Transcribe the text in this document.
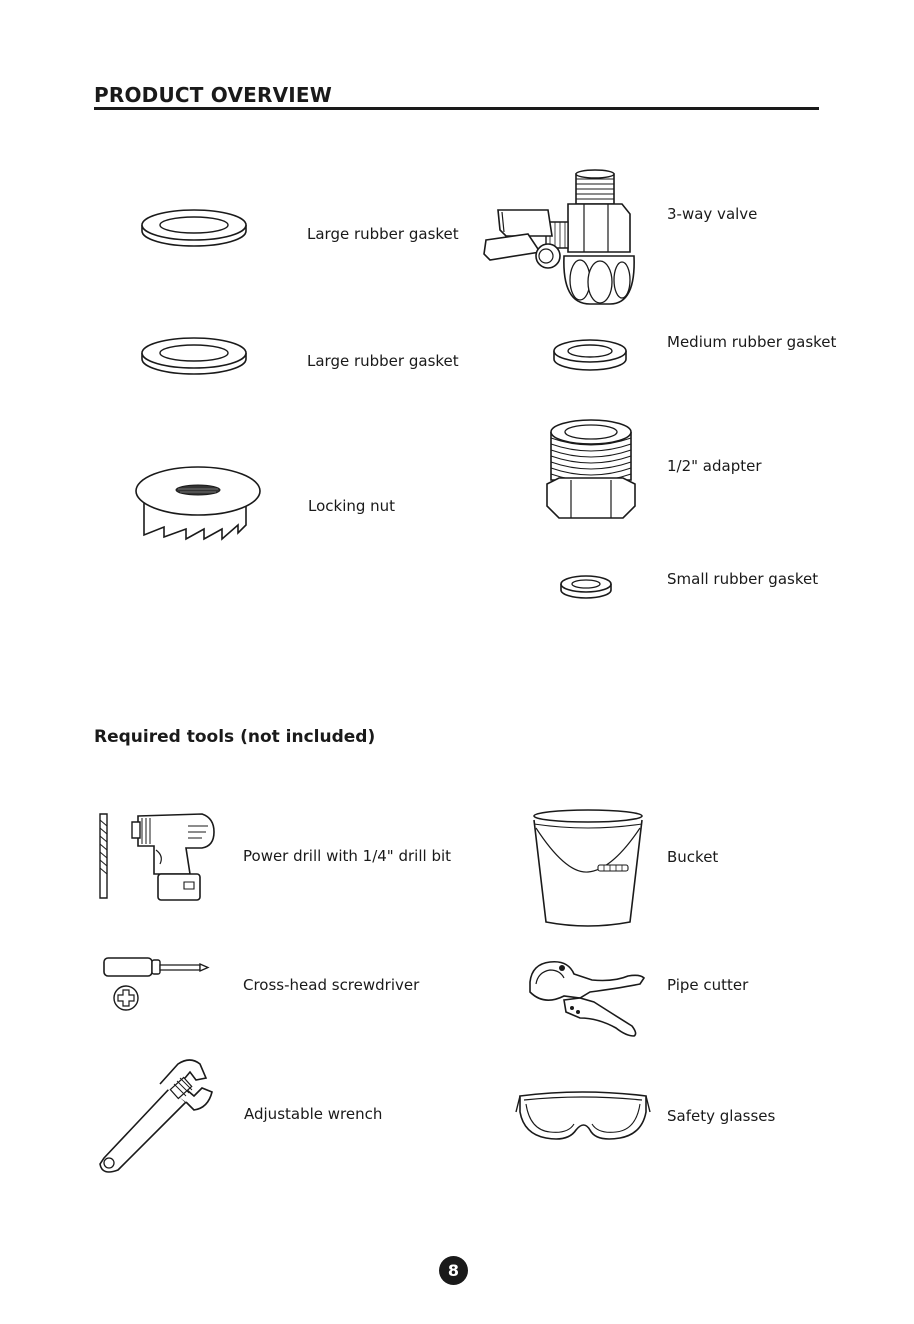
PRODUCT OVERVIEW
Large rubber gasket
Large rubber gasket
Locking nut
3-way valve
Medium rubber gasket
1/2" adapter
Small rubber gasket
Required tools (not included)
Power drill with 1/4" drill bit
Cross-head screwdriver
Adjustable wrench
Bucket
Pipe cutter
Safety glasses
8
